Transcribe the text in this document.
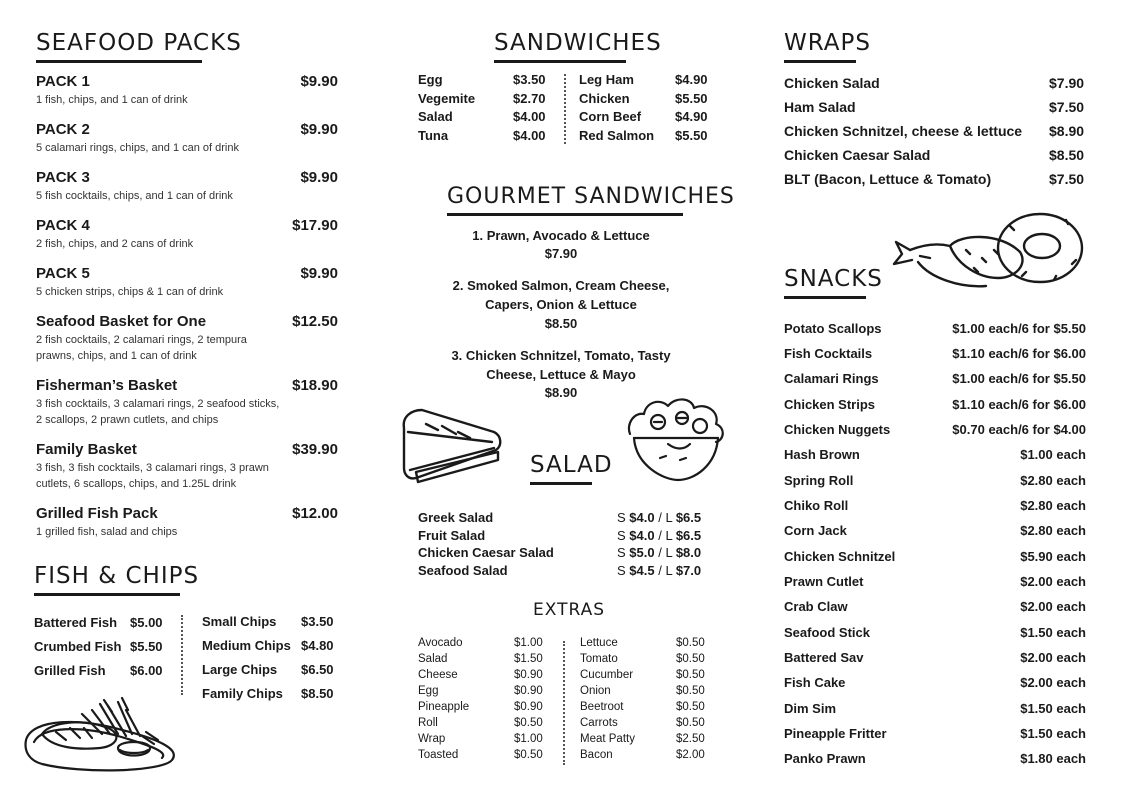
SEAFOOD PACKS
PACK 1	$9.90
1 fish, chips, and 1 can of drink
PACK 2	$9.90
5 calamari rings, chips, and 1 can of drink
PACK 3	$9.90
5 fish cocktails, chips, and 1 can of drink
PACK 4	$17.90
2 fish, chips, and 2 cans of drink
PACK 5	$9.90
5 chicken strips, chips & 1 can of drink
Seafood Basket for One	$12.50
2 fish cocktails, 2 calamari rings, 2 tempura prawns, chips, and 1 can of drink
Fisherman’s Basket	$18.90
3 fish cocktails, 3 calamari rings, 2 seafood sticks, 2 scallops, 2 prawn cutlets, and chips
Family Basket	$39.90
3 fish, 3 fish cocktails, 3 calamari rings, 3 prawn cutlets, 6 scallops, chips, and 1.25L drink
Grilled Fish Pack	$12.00
1 grilled fish, salad and chips
FISH & CHIPS
Battered Fish $5.00
Crumbed Fish $5.50
Grilled Fish $6.00
Small Chips $3.50
Medium Chips $4.80
Large Chips $6.50
Family Chips $8.50
SANDWICHES
Egg	$3.50
Vegemite	$2.70
Salad	$4.00
Tuna	$4.00
Leg Ham	$4.90
Chicken	$5.50
Corn Beef	$4.90
Red Salmon $5.50
GOURMET SANDWICHES
1. Prawn, Avocado & Lettuce
$7.90
2. Smoked Salmon, Cream Cheese,
Capers, Onion & Lettuce
$8.50
3. Chicken Schnitzel, Tomato, Tasty
Cheese, Lettuce & Mayo
$8.90
SALAD
Greek Salad	S $4.0 / L $6.5
Fruit Salad	S $4.0 / L $6.5
Chicken Caesar Salad	S $5.0 / L $8.0
Seafood Salad	S $4.5 / L $7.0
EXTRAS
Avocado	$1.00
Salad	$1.50
Cheese	$0.90
Egg	$0.90
Pineapple	$0.90
Roll	$0.50
Wrap	$1.00
Toasted	$0.50
Lettuce	$0.50
Tomato	$0.50
Cucumber	$0.50
Onion	$0.50
Beetroot	$0.50
Carrots	$0.50
Meat Patty	$2.50
Bacon	$2.00
WRAPS
Chicken Salad	$7.90
Ham Salad	$7.50
Chicken Schnitzel, cheese & lettuce $8.90
Chicken Caesar Salad	$8.50
BLT (Bacon, Lettuce & Tomato)	$7.50
SNACKS
Potato Scallops	$1.00 each/6 for $5.50
Fish Cocktails	$1.10 each/6 for $6.00
Calamari Rings	$1.00 each/6 for $5.50
Chicken Strips	$1.10 each/6 for $6.00
Chicken Nuggets	$0.70 each/6 for $4.00
Hash Brown	$1.00 each
Spring Roll	$2.80 each
Chiko Roll	$2.80 each
Corn Jack	$2.80 each
Chicken Schnitzel	$5.90 each
Prawn Cutlet	$2.00 each
Crab Claw	$2.00 each
Seafood Stick	$1.50 each
Battered Sav	$2.00 each
Fish Cake	$2.00 each
Dim Sim	$1.50 each
Pineapple Fritter	$1.50 each
Panko Prawn	$1.80 each
